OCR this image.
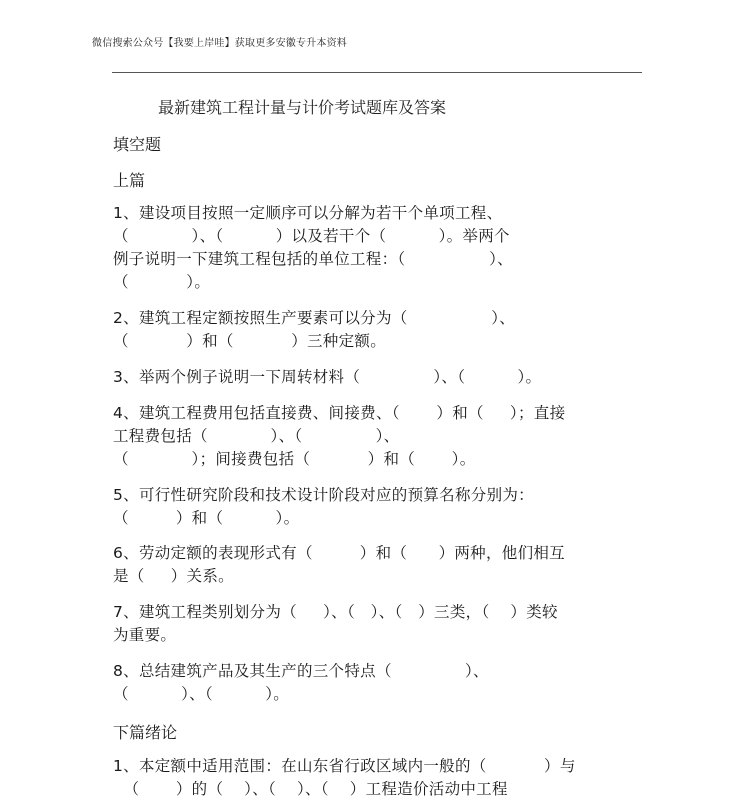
微信搜索公众号【我要上岸哇】获取更多安徽专升本资料
最新建筑工程计量与计价考试题库及答案
填空题
上篇
1、建设项目按照一定顺序可以分解为若干个单项工程、
（            ）、（          ）以及若干个（          ）。举两个
例子说明一下建筑工程包括的单位工程：（                ）、
（           ）。
2、建筑工程定额按照生产要素可以分为（                ）、
（           ）和（           ）三种定额。
3、举两个例子说明一下周转材料（              ）、（          ）。
4、建筑工程费用包括直接费、间接费、（       ）和（     ）；直接
工程费包括（            ）、（              ）、
（            ）；间接费包括（           ）和（       ）。
5、可行性研究阶段和技术设计阶段对应的预算名称分别为：
（         ）和（          ）。
6、劳动定额的表现形式有（         ）和（      ）两种，他们相互
是（     ）关系。
7、建筑工程类别划分为（     ）、（   ）、（   ）三类，（    ）类较
为重要。
8、总结建筑产品及其生产的三个特点（              ）、
（          ）、（          ）。
下篇绪论
1、本定额中适用范围：在山东省行政区域内一般的（           ）与
（       ）的（    ）、（    ）、（    ）工程造价活动中工程
